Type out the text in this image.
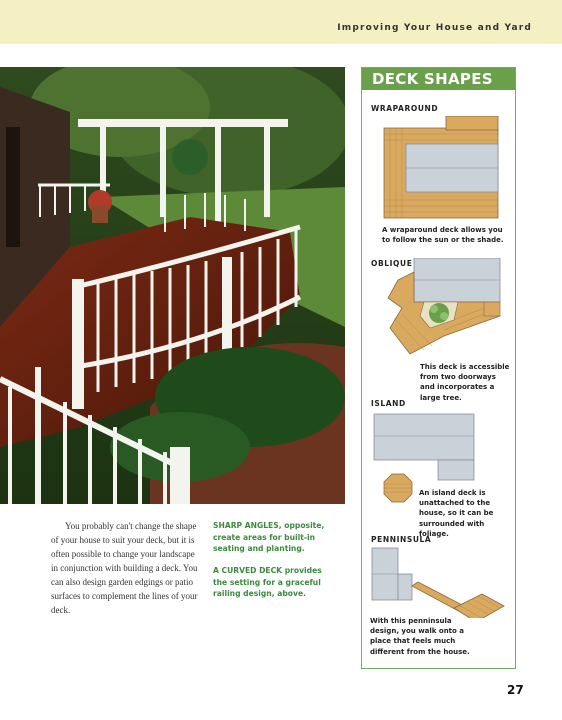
Improving Your House and Yard
You probably can't change the shape of your house to suit your deck, but it is often possible to change your landscape in conjunction with building a deck. You can also design garden edgings or patio surfaces to complement the lines of your deck.
SHARP ANGLES, opposite, create areas for built-in seating and planting.
A CURVED DECK provides the setting for a graceful railing design, above.
DECK SHAPES
WRAPAROUND
A wraparound deck allows you to follow the sun or the shade.
OBLIQUE
This deck is accessible from two doorways and incorporates a large tree.
ISLAND
An island deck is unattached to the house, so it can be surrounded with foliage.
PENNINSULA
With this penninsula design, you walk onto a place that feels much different from the house.
27
